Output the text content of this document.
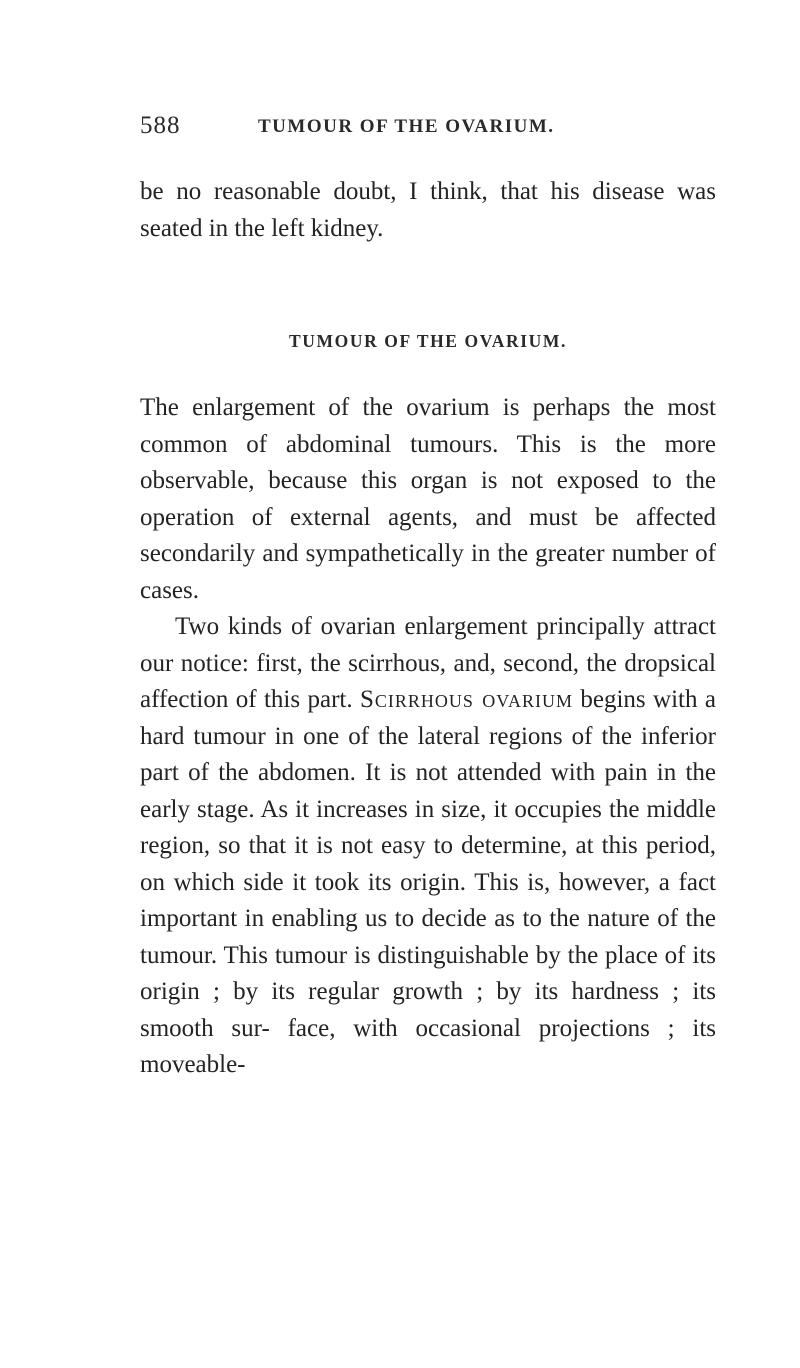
588	TUMOUR OF THE OVARIUM.
be no reasonable doubt, I think, that his disease was seated in the left kidney.
TUMOUR OF THE OVARIUM.

The enlargement of the ovarium is perhaps the most common of abdominal tumours. This is the more observable, because this organ is not exposed to the operation of external agents, and must be affected secondarily and sympathetically in the greater number of cases.

Two kinds of ovarian enlargement principally attract our notice: first, the scirrhous, and, second, the dropsical affection of this part. Scirrhous ovarium begins with a hard tumour in one of the lateral regions of the inferior part of the abdomen. It is not attended with pain in the early stage. As it increases in size, it occupies the middle region, so that it is not easy to determine, at this period, on which side it took its origin. This is, however, a fact important in enabling us to decide as to the nature of the tumour. This tumour is distinguishable by the place of its origin ; by its regular growth ; by its hardness ; its smooth sur- face, with occasional projections ; its moveable-
